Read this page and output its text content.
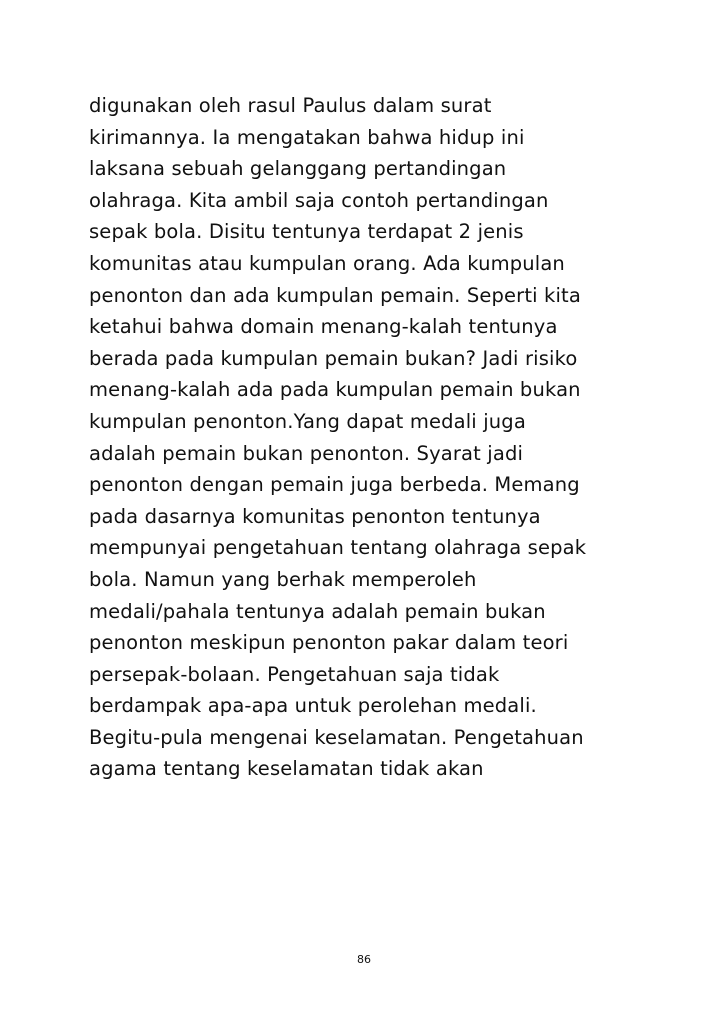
digunakan oleh rasul Paulus dalam surat
kirimannya. Ia mengatakan bahwa hidup ini
laksana sebuah gelanggang pertandingan
olahraga. Kita ambil saja contoh pertandingan
sepak bola. Disitu tentunya terdapat 2 jenis
komunitas atau kumpulan orang. Ada kumpulan
penonton dan ada kumpulan pemain. Seperti kita
ketahui bahwa domain menang-kalah tentunya
berada pada kumpulan pemain bukan? Jadi risiko
menang-kalah ada pada kumpulan pemain bukan
kumpulan penonton.Yang dapat medali juga
adalah pemain bukan penonton. Syarat jadi
penonton dengan pemain juga berbeda. Memang
pada dasarnya komunitas penonton tentunya
mempunyai pengetahuan tentang olahraga sepak
bola. Namun yang berhak memperoleh
medali/pahala tentunya adalah pemain bukan
penonton meskipun penonton pakar dalam teori
persepak-bolaan. Pengetahuan saja tidak
berdampak apa-apa untuk perolehan medali.
Begitu-pula mengenai keselamatan. Pengetahuan
agama tentang keselamatan tidak akan
86
